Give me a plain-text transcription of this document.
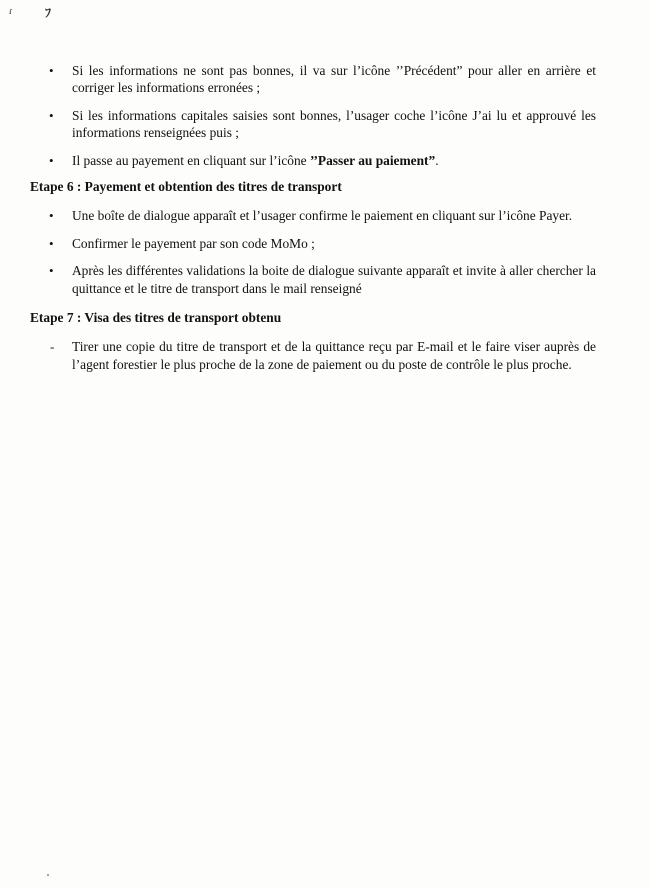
ɾ	ﾌ
• Si les informations ne sont pas bonnes, il va sur l’icône ’’Précédent” pour aller en arrière et corriger les informations erronées ;
• Si les informations capitales saisies sont bonnes, l’usager coche l’icône J’ai lu et approuvé les informations renseignées puis ;
• Il passe au payement en cliquant sur l’icône ’’Passer au paiement”.
Etape 6 : Payement et obtention des titres de transport
• Une boîte de dialogue apparaît et l’usager confirme le paiement en cliquant sur l’icône Payer.
• Confirmer le payement par son code MoMo ;
• Après les différentes validations la boite de dialogue suivante apparaît et invite à aller chercher la quittance et le titre de transport dans le mail renseigné
Etape 7 : Visa des titres de transport obtenu
- Tirer une copie du titre de transport et de la quittance reçu par E-mail et le faire viser auprès de l’agent forestier le plus proche de la zone de paiement ou du poste de contrôle le plus proche.
